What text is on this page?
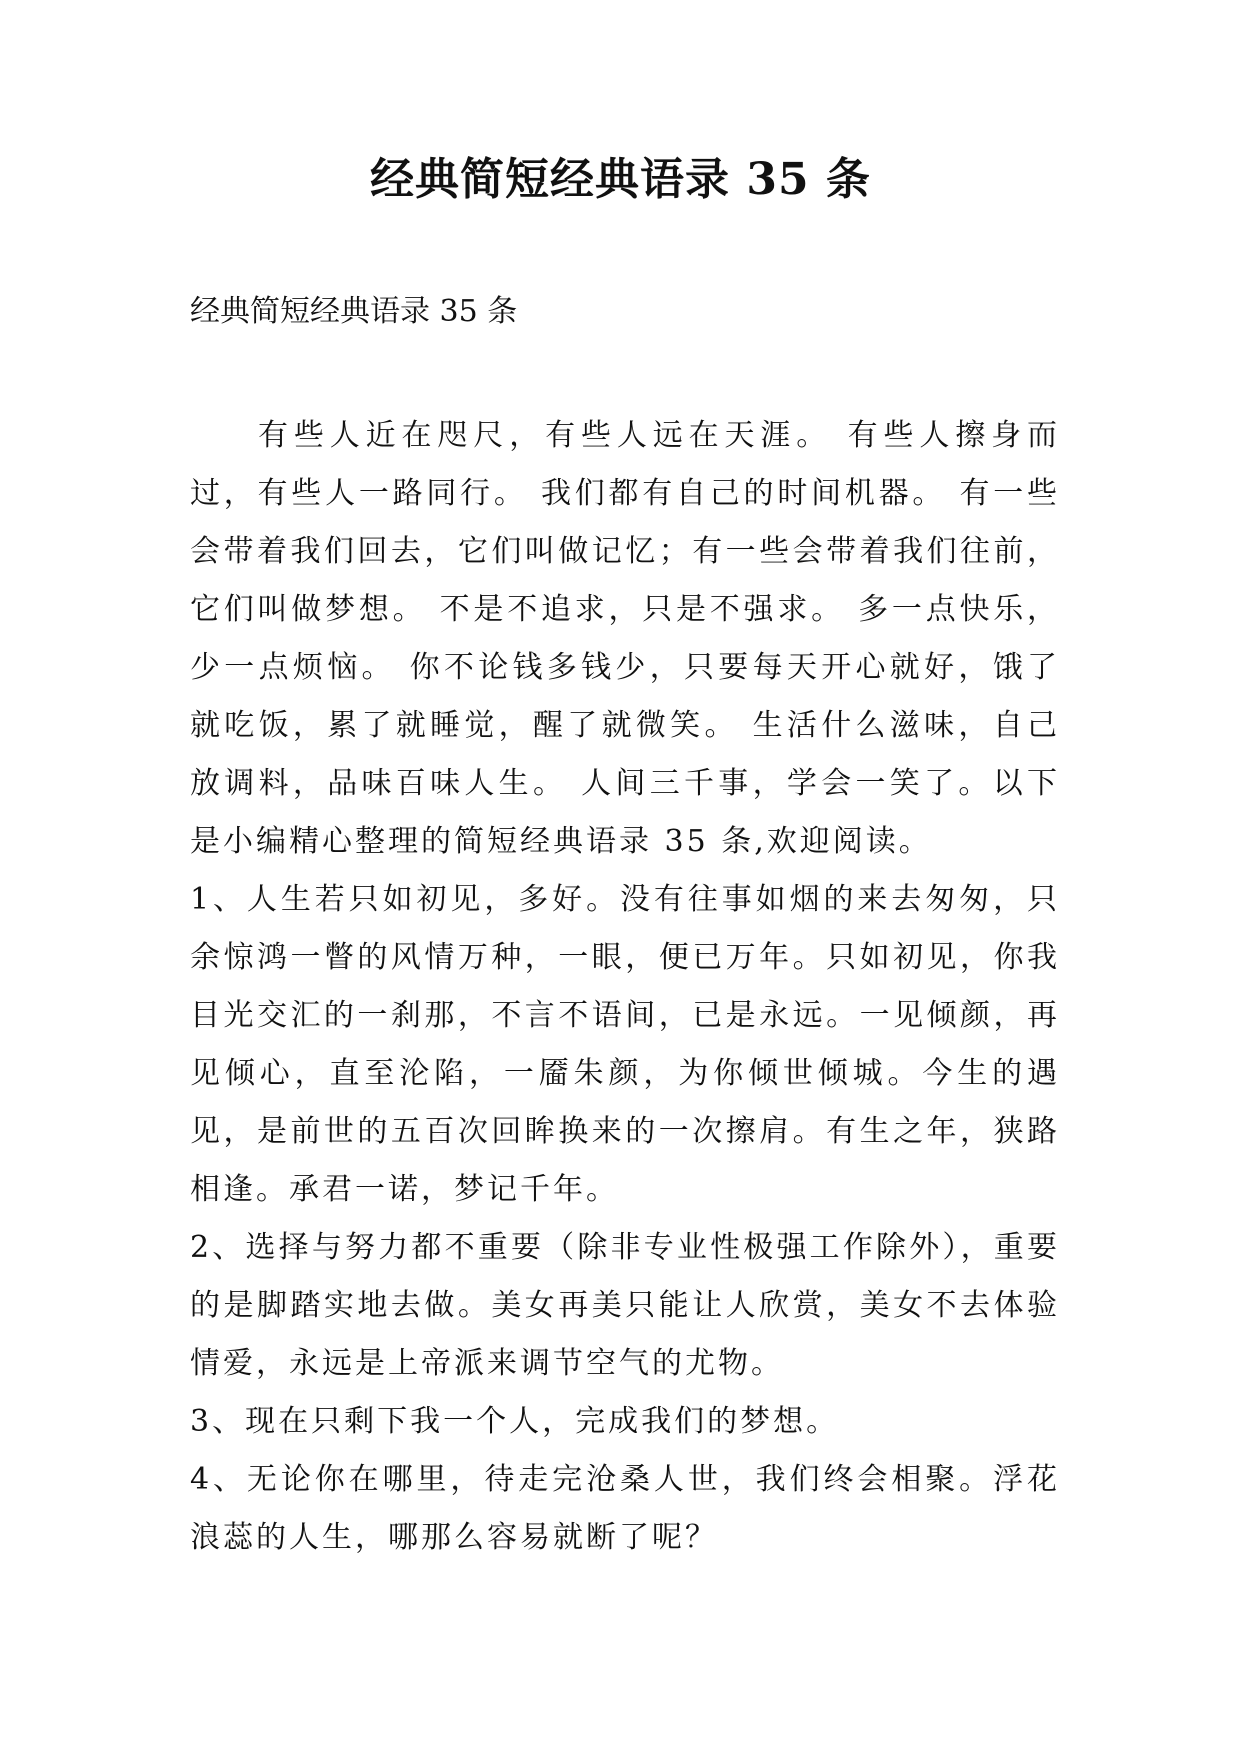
经典简短经典语录 35 条

经典简短经典语录 35 条

有些人近在咫尺，有些人远在天涯。 有些人擦身而过，有些人一路同行。 我们都有自己的时间机器。 有一些会带着我们回去，它们叫做记忆；有一些会带着我们往前，它们叫做梦想。 不是不追求，只是不强求。 多一点快乐，少一点烦恼。 你不论钱多钱少，只要每天开心就好，饿了就吃饭，累了就睡觉，醒了就微笑。 生活什么滋味，自己放调料，品味百味人生。 人间三千事，学会一笑了。以下是小编精心整理的简短经典语录 35 条,欢迎阅读。

1、人生若只如初见，多好。没有往事如烟的来去匆匆，只余惊鸿一瞥的风情万种，一眼，便已万年。只如初见，你我目光交汇的一刹那，不言不语间，已是永远。一见倾颜，再见倾心，直至沦陷，一靥朱颜，为你倾世倾城。今生的遇见，是前世的五百次回眸换来的一次擦肩。有生之年，狭路相逢。承君一诺，梦记千年。

2、选择与努力都不重要（除非专业性极强工作除外），重要的是脚踏实地去做。美女再美只能让人欣赏，美女不去体验情爱，永远是上帝派来调节空气的尤物。

3、现在只剩下我一个人，完成我们的梦想。

4、无论你在哪里，待走完沧桑人世，我们终会相聚。浮花浪蕊的人生，哪那么容易就断了呢？
